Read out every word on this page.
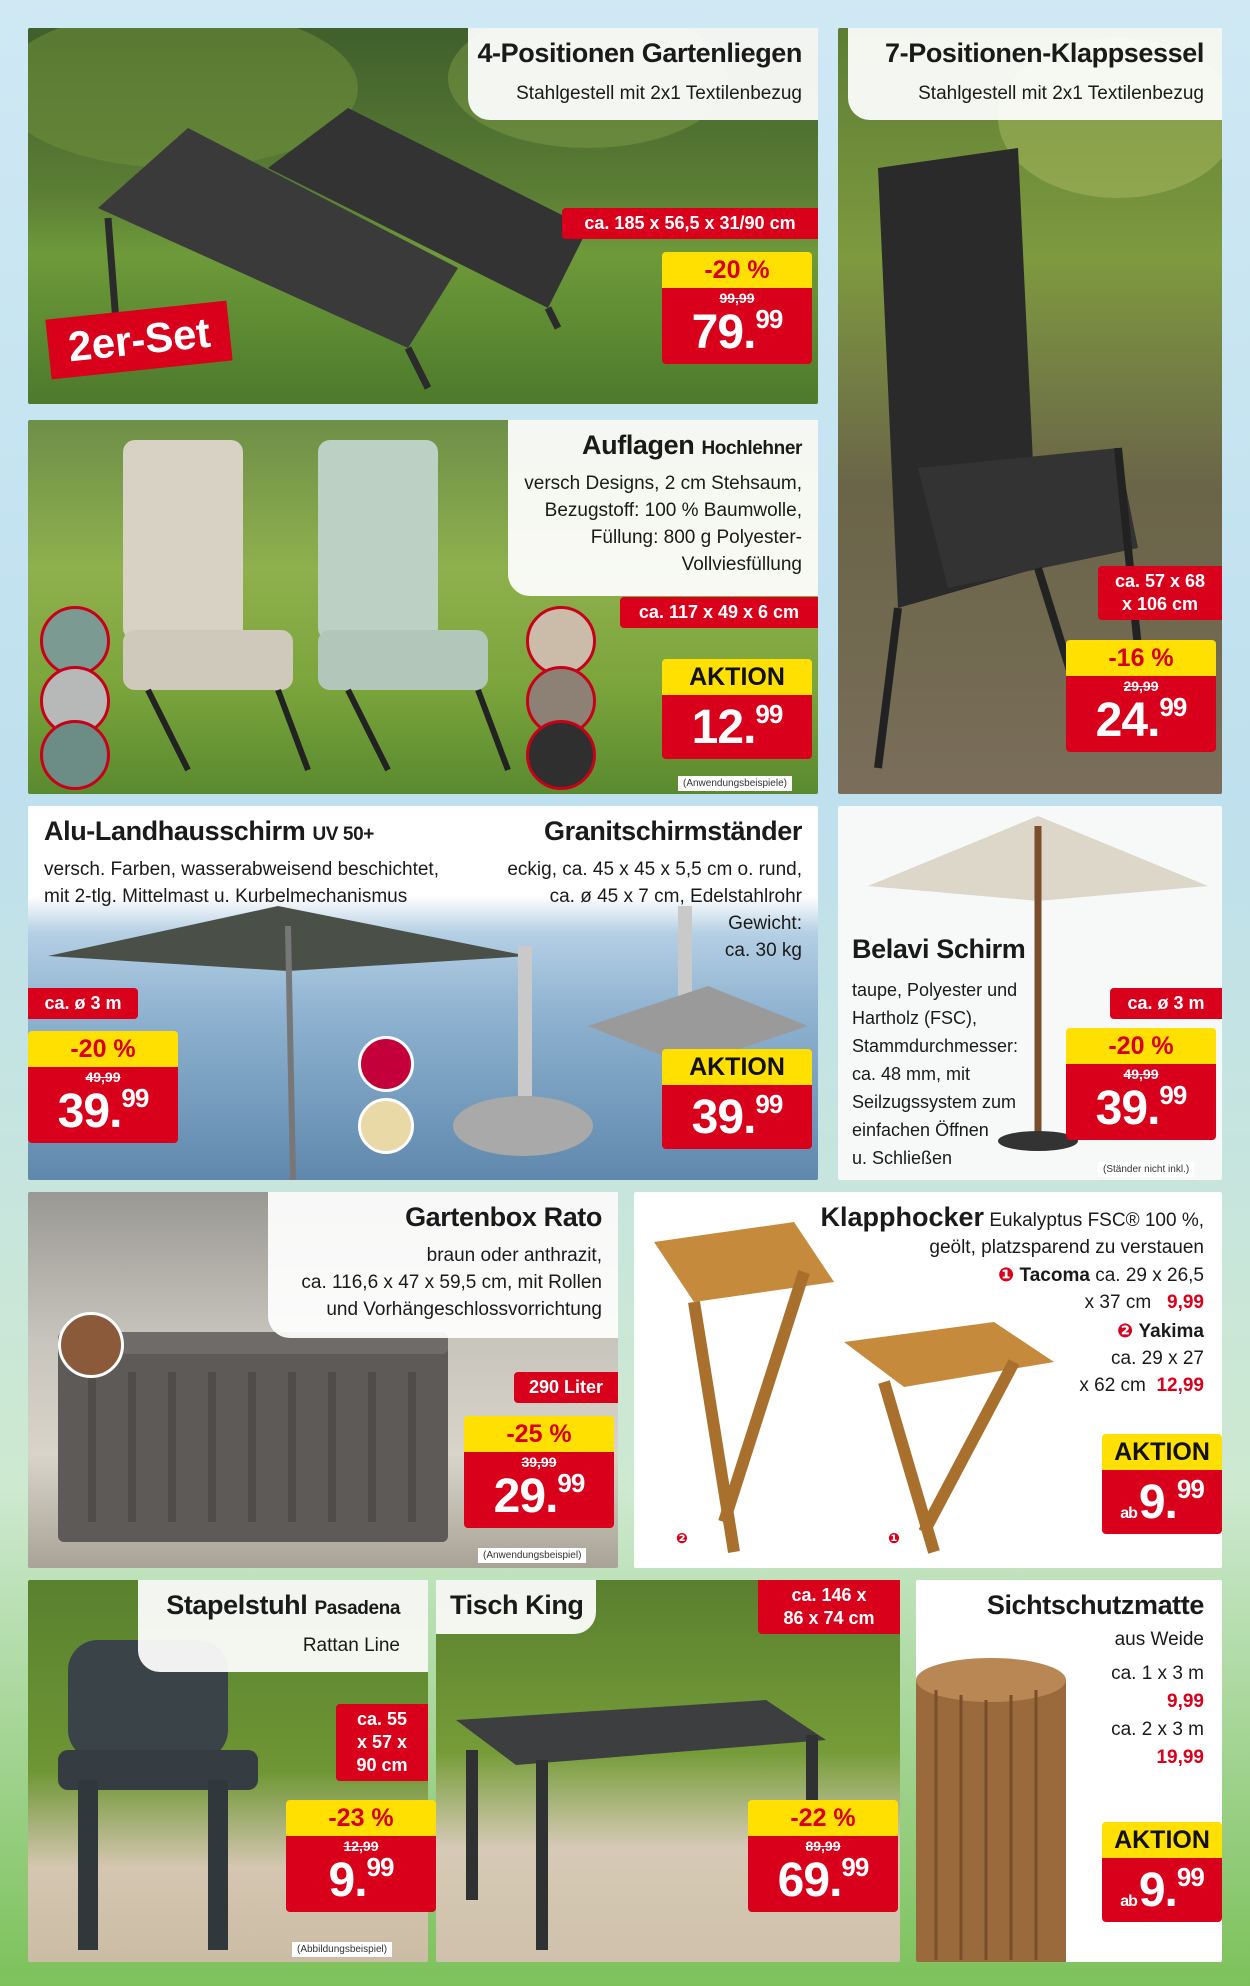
2er-Set
4-Positionen Gartenliegen
Stahlgestell mit 2x1 Textilenbezug
ca. 185 x 56,5 x 31/90 cm
-20 %
99,99
79.99
7-Positionen-Klappsessel
Stahlgestell mit 2x1 Textilenbezug
ca. 57 x 68
x 106 cm
-16 %
29,99
24.99
Auflagen Hochlehner
versch Designs, 2 cm Stehsaum,
Bezugstoff: 100 % Baumwolle,
Füllung: 800 g Polyester-
Vollviesfüllung
ca. 117 x 49 x 6 cm
AKTION
12.99
(Anwendungsbeispiele)
Alu-Landhausschirm UV 50+
versch. Farben, wasserabweisend beschichtet,
mit 2-tlg. Mittelmast u. Kurbelmechanismus
ca. ø 3 m
-20 %
49,99
39.99
Granitschirmständer
eckig, ca. 45 x 45 x 5,5 cm o. rund,
ca. ø 45 x 7 cm, Edelstahlrohr
Gewicht:
ca. 30 kg
AKTION
39.99
Belavi Schirm
taupe, Polyester und
Hartholz (FSC),
Stammdurchmesser:
ca. 48 mm, mit
Seilzugssystem zum
einfachen Öffnen
u. Schließen
ca. ø 3 m
-20 %
49,99
39.99
(Ständer nicht inkl.)
Gartenbox Rato
braun oder anthrazit,
ca. 116,6 x 47 x 59,5 cm, mit Rollen
und Vorhängeschlossvorrichtung
290 Liter
-25 %
39,99
29.99
(Anwendungsbeispiel)
❷	❶
Klapphocker Eukalyptus FSC® 100 %,
geölt, platzsparend zu verstauen
❶ Tacoma ca. 29 x 26,5
x 37 cm 9,99
❷ Yakima
ca. 29 x 27
x 62 cm 12,99
AKTION
ab9.99
Stapelstuhl Pasadena
Rattan Line
ca. 55
x 57 x
90 cm
-23 %
12,99
9.99
(Abbildungsbeispiel)
Tisch King	ca. 146 x
86 x 74 cm
-22 %
89,99
69.99
Sichtschutzmatte
aus Weide
ca. 1 x 3 m
9,99
ca. 2 x 3 m
19,99
AKTION
ab9.99
